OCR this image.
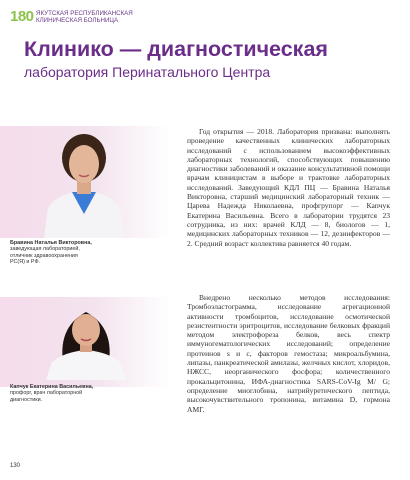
180 ЯКУТСКАЯ РЕСПУБЛИКАНСКАЯ
КЛИНИЧЕСКАЯ БОЛЬНИЦА
Клинико — диагностическая
лаборатория Перинатального Центра
Бравина Наталья Викторовна,
заведующая лабораторией,
отличник здравоохранения
РС(Я) и РФ.
Капчук Екатерина Васильевна,
профорг, врач лабораторной
диагностики.

Год открытия — 2018. Лаборатория призвана: выполнять проведение качественных клинических лабораторных исследований с использованием высокоэффективных лабораторных технологий, способствующих повышению диагностики заболеваний и оказание консультативной помощи врачам клиницистам в выборе и трактовке лабораторных исследований. Заведующий КДЛ ПЦ — Бравина Наталья Викторовна, старший медицинский лабораторный техник — Царева Надежда Николаевна, профгрупорг — Капчук Екатерина Васильевна. Всего в лаборатории трудятся 23 сотрудника, из них: врачей КЛД — 8, биологов — 1, медицинских лабораторных техников — 12, дезинфекторов — 2. Средний возраст коллектива равняется 40 годам.

Внедрено несколько методов исследования: Тромбоэластограмма, исследование агрегационной активности тромбоцитов, исследование осмотической резистентности эритроцитов, исследование белковых фракций методом электрофореза белков, весь спектр иммуногематологических исследований; определение протеинов s и c, факторов гемостаза; микроальбумина, липазы, панкреатической амилазы, желчных кислот, хлоридов, НЖСС, неорганического фосфора; количественного прокальцитонина, ИФА-диагностика SARS-CoV-Ig M/ G; определение миоглобина, натрийуретического пептида, высокочувствительного тропонина, витамина D, гормона АМГ.

130
